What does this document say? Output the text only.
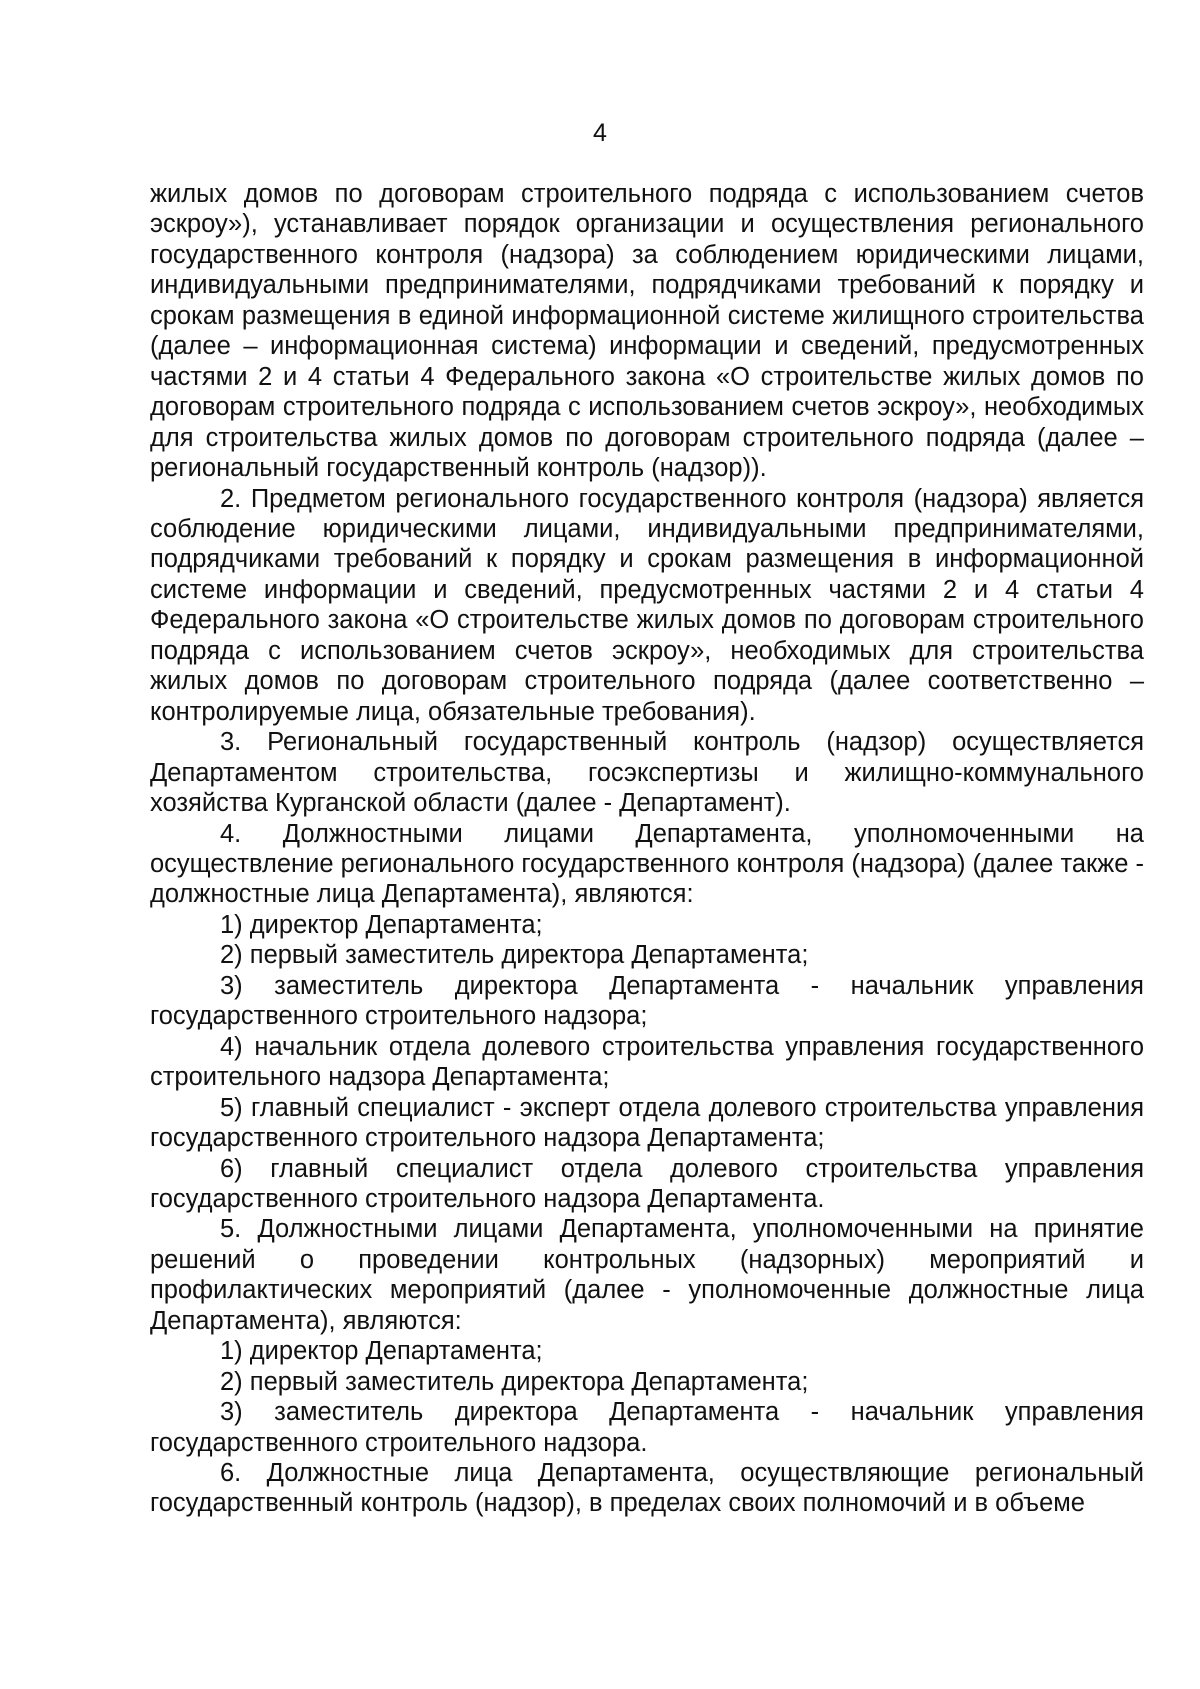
4

жилых домов по договорам строительного подряда с использованием счетов эскроу»), устанавливает порядок организации и осуществления регионального государственного контроля (надзора) за соблюдением юридическими лицами, индивидуальными предпринимателями, подрядчиками требований к порядку и срокам размещения в единой информационной системе жилищного строительства (далее – информационная система) информации и сведений, предусмотренных частями 2 и 4 статьи 4 Федерального закона «О строительстве жилых домов по договорам строительного подряда с использованием счетов эскроу», необходимых для строительства жилых домов по договорам строительного подряда (далее – региональный государственный контроль (надзор)).

2. Предметом регионального государственного контроля (надзора) является соблюдение юридическими лицами, индивидуальными предпринимателями, подрядчиками требований к порядку и срокам размещения в информационной системе информации и сведений, предусмотренных частями 2 и 4 статьи 4 Федерального закона «О строительстве жилых домов по договорам строительного подряда с использованием счетов эскроу», необходимых для строительства жилых домов по договорам строительного подряда (далее соответственно – контролируемые лица, обязательные требования).

3. Региональный государственный контроль (надзор) осуществляется Департаментом строительства, госэкспертизы и жилищно-коммунального хозяйства Курганской области (далее - Департамент).

4. Должностными лицами Департамента, уполномоченными на осуществление регионального государственного контроля (надзора) (далее также - должностные лица Департамента), являются:

1) директор Департамента;

2) первый заместитель директора Департамента;

3) заместитель директора Департамента - начальник управления государственного строительного надзора;

4) начальник отдела долевого строительства управления государственного строительного надзора Департамента;

5) главный специалист - эксперт отдела долевого строительства управления государственного строительного надзора Департамента;

6) главный специалист отдела долевого строительства управления государственного строительного надзора Департамента.

5. Должностными лицами Департамента, уполномоченными на принятие решений о проведении контрольных (надзорных) мероприятий и профилактических мероприятий (далее - уполномоченные должностные лица Департамента), являются:

1) директор Департамента;

2) первый заместитель директора Департамента;

3) заместитель директора Департамента - начальник управления государственного строительного надзора.

6. Должностные лица Департамента, осуществляющие региональный государственный контроль (надзор), в пределах своих полномочий и в объеме
